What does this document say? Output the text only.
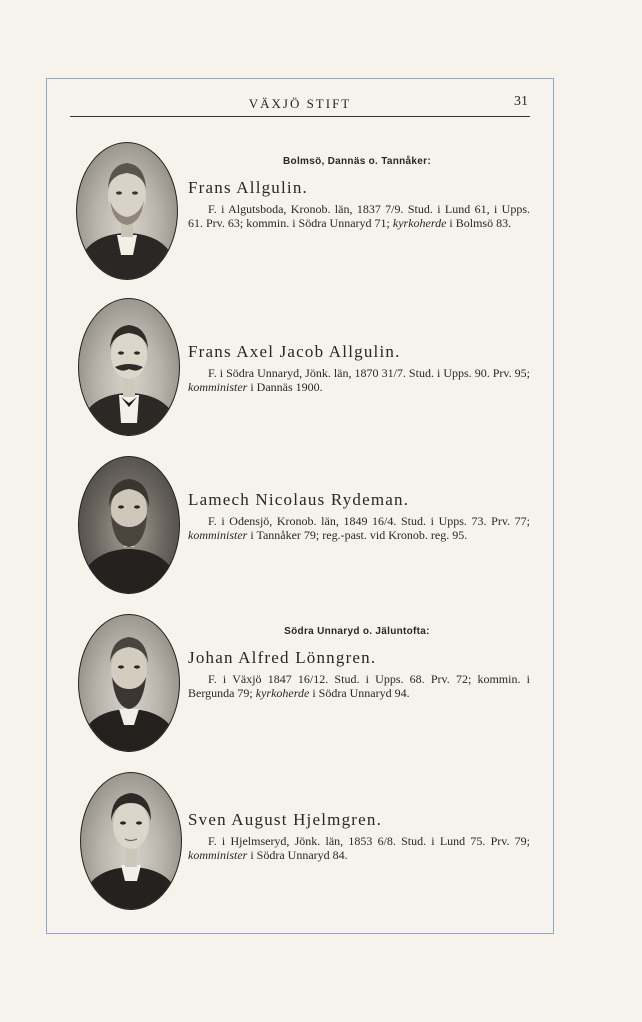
VÄXJÖ STIFT	31
Bolmsö, Dannäs o. Tannåker:
Frans Allgulin.

F. i Algutsboda, Kronob. län, 1837 7/9. Stud. i Lund 61, i Upps. 61. Prv. 63; kommin. i Södra Unnaryd 71; kyrkoherde i Bolmsö 83.

Frans Axel Jacob Allgulin.

F. i Södra Unnaryd, Jönk. län, 1870 31/7. Stud. i Upps. 90. Prv. 95; komminister i Dannäs 1900.

Lamech Nicolaus Rydeman.

F. i Odensjö, Kronob. län, 1849 16/4. Stud. i Upps. 73. Prv. 77; komminister i Tannåker 79; reg.-past. vid Kronob. reg. 95.

Södra Unnaryd o. Jäluntofta:
Johan Alfred Lönngren.

F. i Växjö 1847 16/12. Stud. i Upps. 68. Prv. 72; kommin. i Bergunda 79; kyrkoherde i Södra Unnaryd 94.

Sven August Hjelmgren.

F. i Hjelmseryd, Jönk. län, 1853 6/8. Stud. i Lund 75. Prv. 79; komminister i Södra Unnaryd 84.
